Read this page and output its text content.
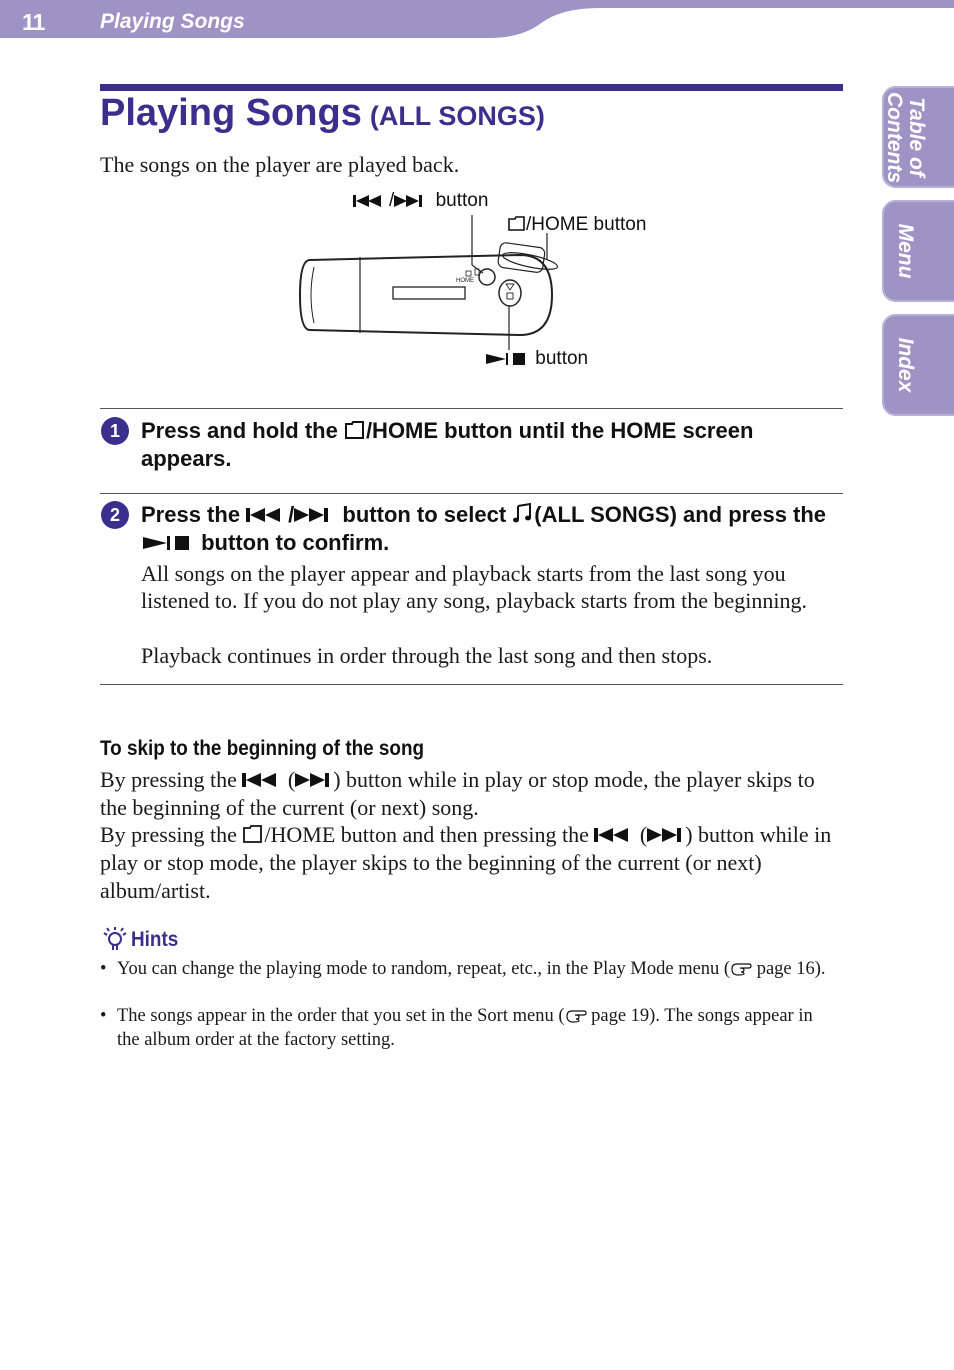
11	Playing Songs
Table of Contents
Menu
Index
Playing Songs (ALL SONGS)
The songs on the player are played back.
HOME
/ button
/HOME button
button
1 Press and hold the /HOME button until the HOME screen appears.
2 Press the / button to select (ALL SONGS) and press the  button to confirm.
All songs on the player appear and playback starts from the last song you listened to. If you do not play any song, playback starts from the beginning.
Playback continues in order through the last song and then stops.
To skip to the beginning of the song
By pressing the  ( ) button while in play or stop mode, the player skips to the beginning of the current (or next) song.
By pressing the /HOME button and then pressing the  ( ) button while in play or stop mode, the player skips to the beginning of the current (or next) album/artist.
Hints
• You can change the playing mode to random, repeat, etc., in the Play Mode menu ( page 16).
• The songs appear in the order that you set in the Sort menu ( page 19). The songs appear in the album order at the factory setting.
